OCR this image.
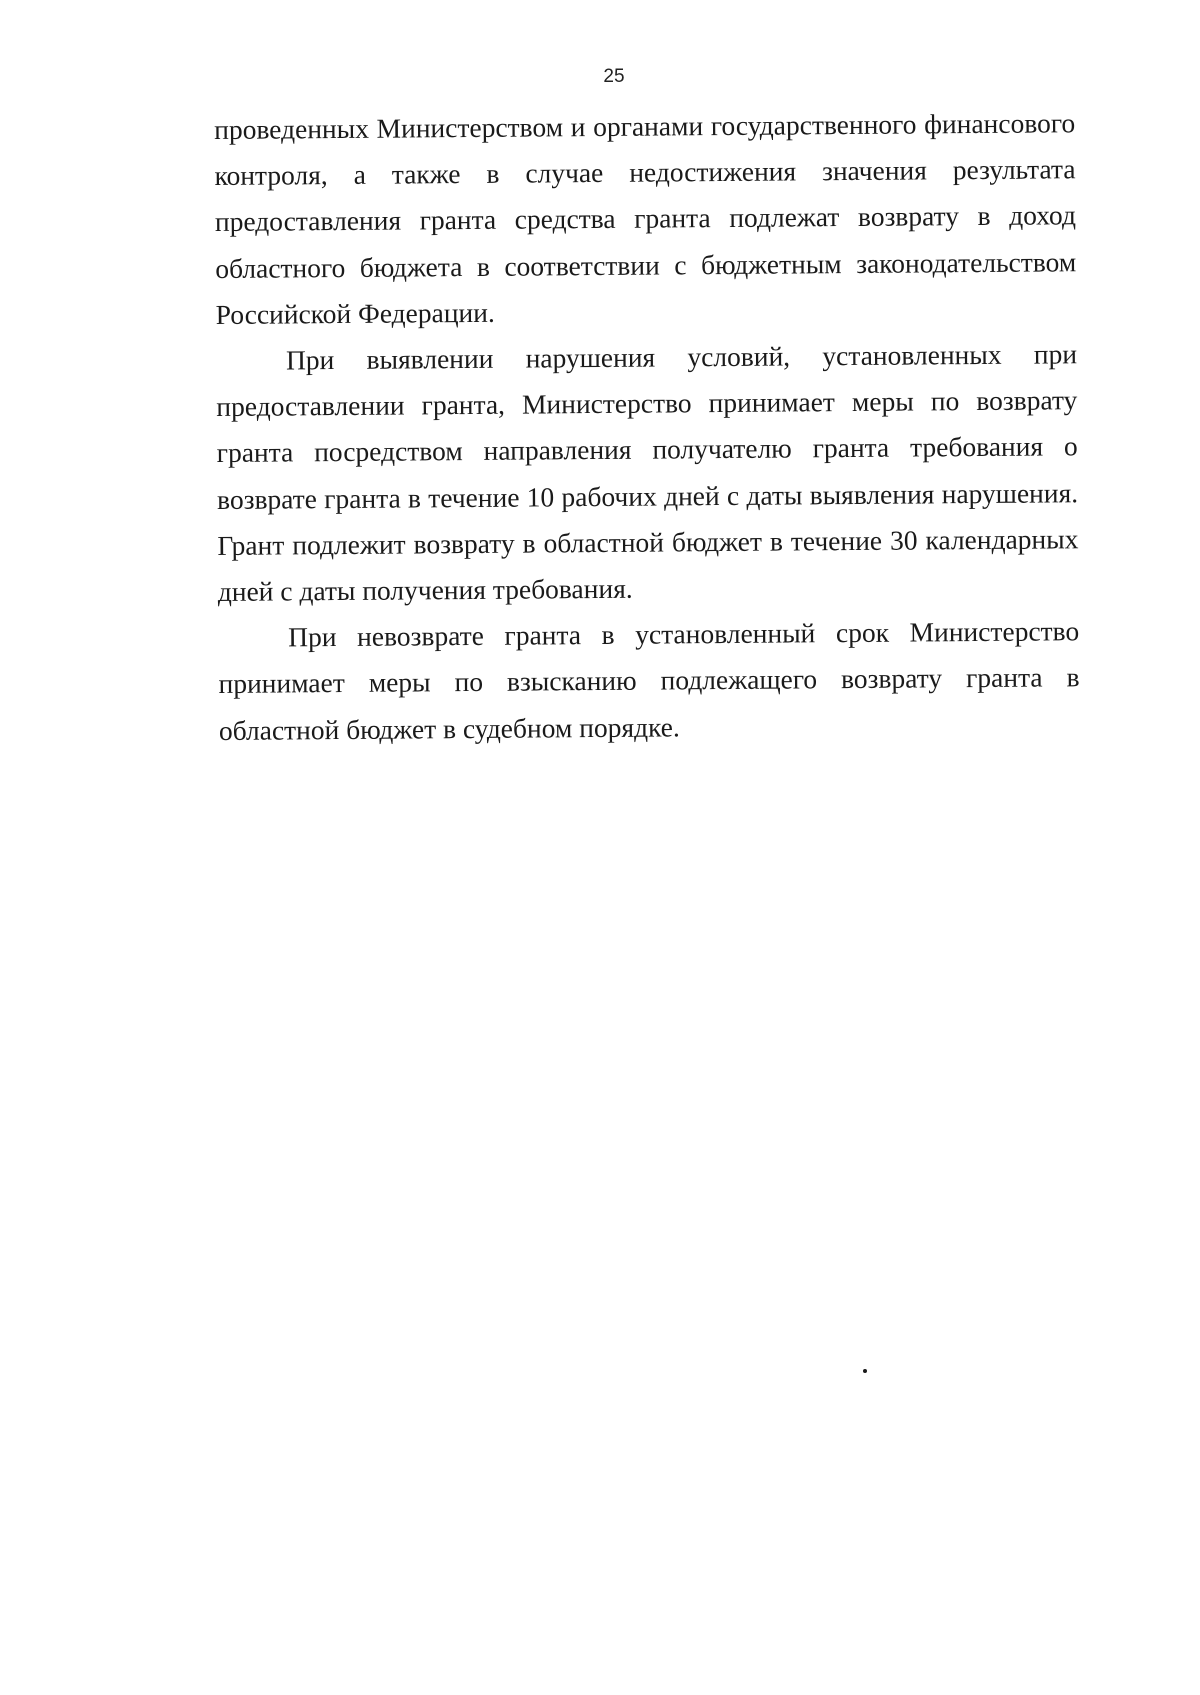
25

проведенных Министерством и органами государственного финансового контроля, а также в случае недостижения значения результата предоставления гранта средства гранта подлежат возврату в доход областного бюджета в соответствии с бюджетным законодательством Российской Федерации.

При выявлении нарушения условий, установленных при предоставлении гранта, Министерство принимает меры по возврату гранта посредством направления получателю гранта требования о возврате гранта в течение 10 рабочих дней с даты выявления нарушения. Грант подлежит возврату в областной бюджет в течение 30 календарных дней с даты получения требования.

При невозврате гранта в установленный срок Министерство принимает меры по взысканию подлежащего возврату гранта в областной бюджет в судебном порядке.
